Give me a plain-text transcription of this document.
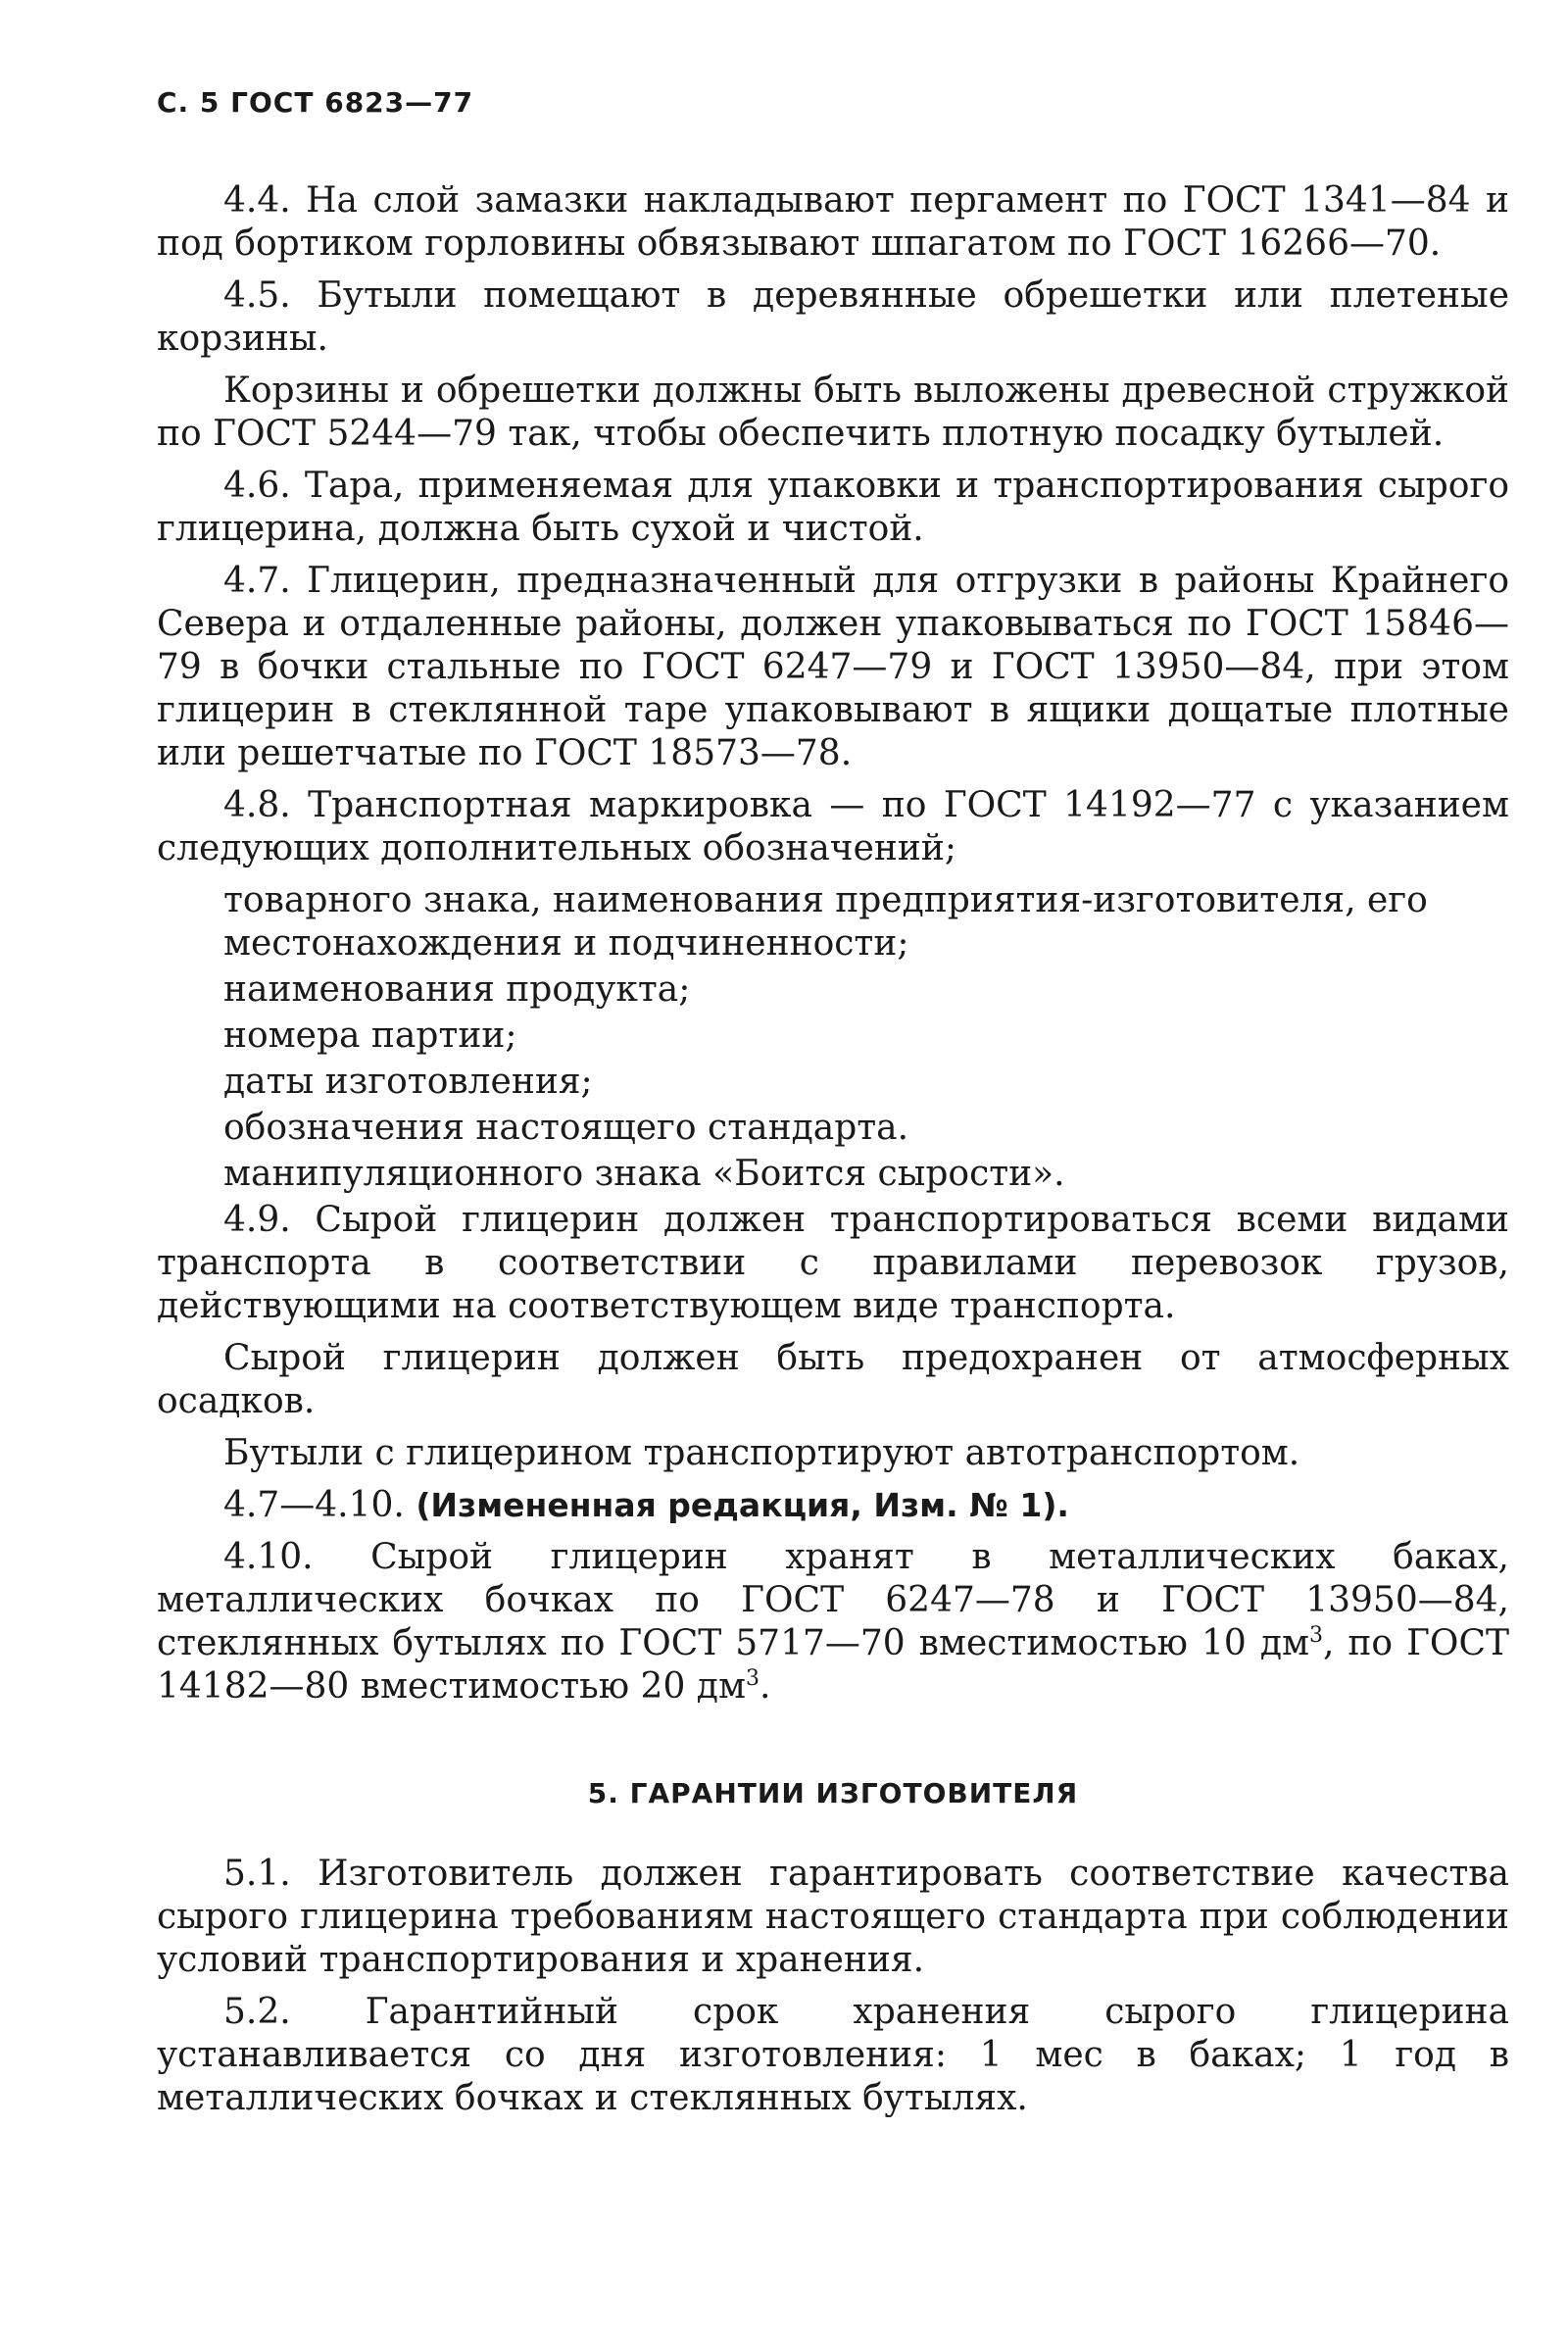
С. 5 ГОСТ 6823—77

4.4. На слой замазки накладывают пергамент по ГОСТ 1341—84 и под бортиком горловины обвязывают шпагатом по ГОСТ 16266—70.

4.5. Бутыли помещают в деревянные обрешетки или плетеные корзины.

Корзины и обрешетки должны быть выложены древесной стружкой по ГОСТ 5244—79 так, чтобы обеспечить плотную посадку бутылей.

4.6. Тара, применяемая для упаковки и транспортирования сырого глицерина, должна быть сухой и чистой.

4.7. Глицерин, предназначенный для отгрузки в районы Крайнего Севера и отдаленные районы, должен упаковываться по ГОСТ 15846—79 в бочки стальные по ГОСТ 6247—79 и ГОСТ 13950—84, при этом глицерин в стеклянной таре упаковывают в ящики дощатые плотные или решетчатые по ГОСТ 18573—78.

4.8. Транспортная маркировка — по ГОСТ 14192—77 с указанием следующих дополнительных обозначений;

товарного знака, наименования предприятия-изготовителя, его местонахождения и подчиненности;
наименования продукта;
номера партии;
даты изготовления;
обозначения настоящего стандарта.
манипуляционного знака «Боится сырости».

4.9. Сырой глицерин должен транспортироваться всеми видами транспорта в соответствии с правилами перевозок грузов, действующими на соответствующем виде транспорта.

Сырой глицерин должен быть предохранен от атмосферных осадков.

Бутыли с глицерином транспортируют автотранспортом.

4.7—4.10. (Измененная редакция, Изм. № 1).

4.10. Сырой глицерин хранят в металлических баках, металлических бочках по ГОСТ 6247—78 и ГОСТ 13950—84, стеклянных бутылях по ГОСТ 5717—70 вместимостью 10 $дм^3$, по ГОСТ 14182—80 вместимостью 20 $дм^3$.

5. ГАРАНТИИ ИЗГОТОВИТЕЛЯ

5.1. Изготовитель должен гарантировать соответствие качества сырого глицерина требованиям настоящего стандарта при соблюдении условий транспортирования и хранения.

5.2. Гарантийный срок хранения сырого глицерина устанавливается со дня изготовления: 1 мес в баках; 1 год в металлических бочках и стеклянных бутылях.
